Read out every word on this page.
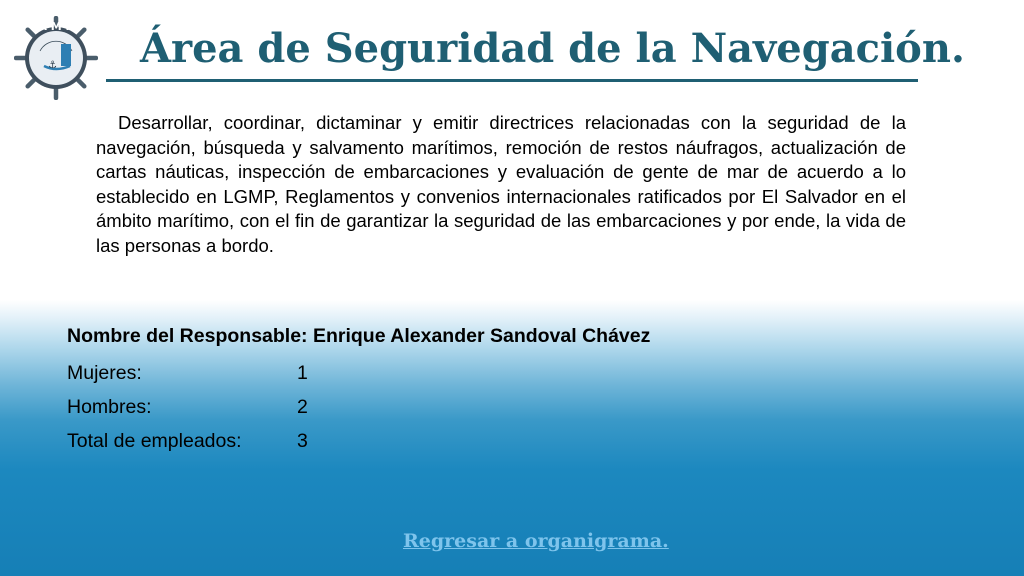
⚓
A M P Área de Seguridad de la Navegación.

Desarrollar, coordinar, dictaminar y emitir directrices relacionadas con la seguridad de la navegación, búsqueda y salvamento marítimos, remoción de restos náufragos, actualización de cartas náuticas, inspección de embarcaciones y evaluación de gente de mar de acuerdo a lo establecido en LGMP, Reglamentos y convenios internacionales ratificados por El Salvador en el ámbito marítimo, con el fin de garantizar la seguridad de las embarcaciones y por ende, la vida de las personas a bordo.

Nombre del Responsable: Enrique Alexander Sandoval Chávez

Mujeres:	1
Hombres:	2
Total de empleados:	3
Regresar a organigrama.
